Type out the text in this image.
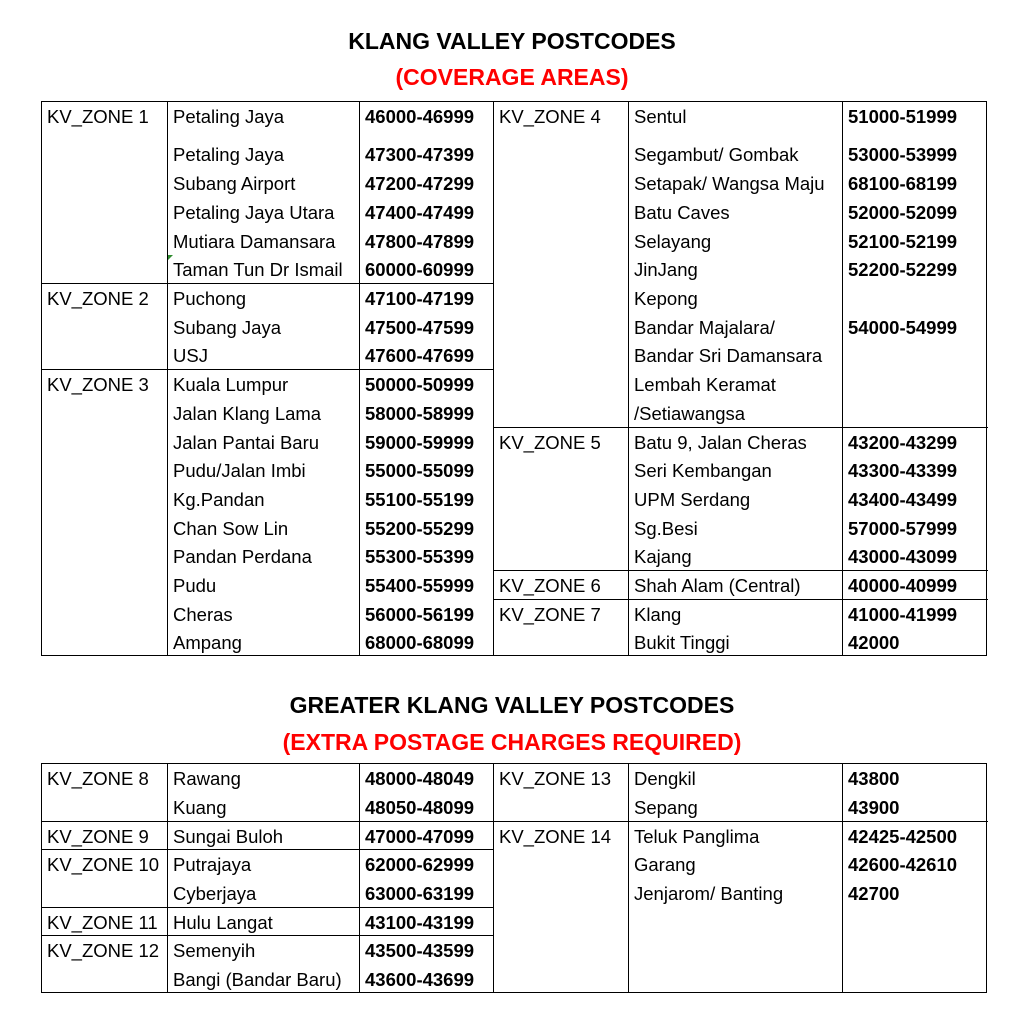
KLANG VALLEY POSTCODES
(COVERAGE AREAS)
KV_ZONE 1	Petaling Jaya	46000-46999	KV_ZONE 4	Sentul	51000-51999
Petaling Jaya	47300-47399	Segambut/ Gombak	53000-53999
Subang Airport	47200-47299	Setapak/ Wangsa Maju	68100-68199
Petaling Jaya Utara	47400-47499	Batu Caves	52000-52099
Mutiara Damansara	47800-47899	Selayang	52100-52199
Taman Tun Dr Ismail	60000-60999	JinJang	52200-52299
KV_ZONE 2	Puchong	47100-47199	Kepong
Subang Jaya	47500-47599	Bandar Majalara/	54000-54999
USJ	47600-47699	Bandar Sri Damansara
KV_ZONE 3	Kuala Lumpur	50000-50999	Lembah Keramat
Jalan Klang Lama	58000-58999	/Setiawangsa
Jalan Pantai Baru	59000-59999	KV_ZONE 5	Batu 9, Jalan Cheras	43200-43299
Pudu/Jalan Imbi	55000-55099	Seri Kembangan	43300-43399
Kg.Pandan	55100-55199	UPM Serdang	43400-43499
Chan Sow Lin	55200-55299	Sg.Besi	57000-57999
Pandan Perdana	55300-55399	Kajang	43000-43099
Pudu	55400-55999	KV_ZONE 6	Shah Alam (Central)	40000-40999
Cheras	56000-56199	KV_ZONE 7	Klang	41000-41999
Ampang	68000-68099	Bukit Tinggi	42000
GREATER KLANG VALLEY POSTCODES
(EXTRA POSTAGE CHARGES REQUIRED)
KV_ZONE 8	Rawang	48000-48049	KV_ZONE 13	Dengkil	43800
Kuang	48050-48099	Sepang	43900
KV_ZONE 9	Sungai Buloh	47000-47099	KV_ZONE 14	Teluk Panglima	42425-42500
KV_ZONE 10 Putrajaya	62000-62999	Garang	42600-42610
Cyberjaya	63000-63199	Jenjarom/ Banting	42700
KV_ZONE 11 Hulu Langat	43100-43199
KV_ZONE 12 Semenyih	43500-43599
Bangi (Bandar Baru)	43600-43699
